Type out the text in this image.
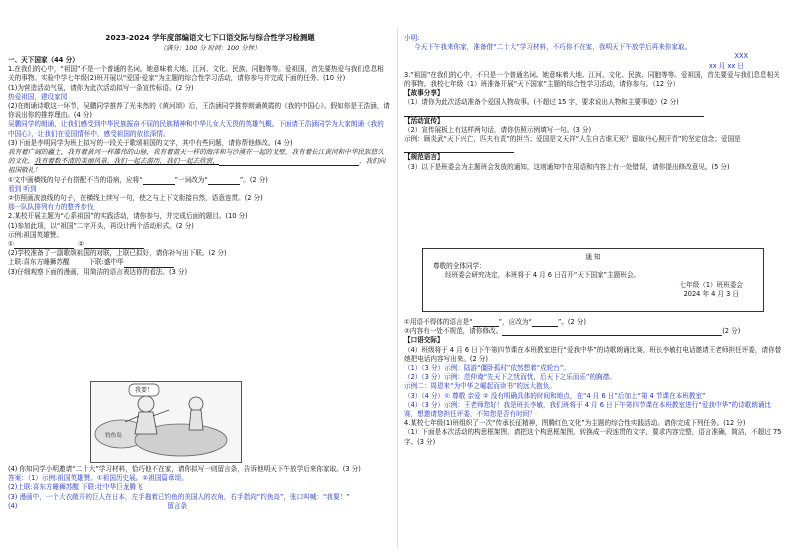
2023-2024 学年度部编语文七下口语交际与综合性学习检测题
（满分：100 分 时间：100 分钟）

一、天下国家（44 分）

1.在我们的心中，“祖国”不是一个普通的名词。她意味着大地、江河、文化、民族、同胞等等。爱祖国，首先要热爱与我们息息相关的事物。实验中学七年级(2)班开展以“爱国·爱家”为主题的综合性学习活动，请你参与并完成下面的任务。(10 分)

(1)为营造活动气氛，请你为此次活动拟写一条宣传标语。(2 分)

热爱祖国，建设家园

(2)在朗诵诗歌这一环节，吴鹏同学推荐了光未然的《黄河颂》后，王浩涵同学推荐朗诵黄霞的《我的中国心》。假如你是王浩涵，请你说出你的推荐理由。(4 分)

吴鹏同学的朗诵，让我们感受到中华民族振奋不屈的民族精神和中华儿女大无畏的英雄气概。下面请王浩涵同学为大家朗诵《我的中国心》，让我们在爱国情怀中，感受祖国的依依深情。

(3)下面是李明同学为班上拟写的一段关于歌颂祖国的文字，其中有些问题，请你帮他修改。(4 分)

我有着广阔的疆土，我有着黄河一样雄伟的山脉，我有着蓝天一样的海洋和与沙漠在一起的戈壁，我有着长江黄河和中华民族悠久的文化，我有着数不清的美丽风景，我们一起去游历，我们一起去欣赏，	，我们向祖国敬礼！

①文中画横线的句子有搭配不当的语病，应将“	”一词改为“	”。(2 分)

看到 听到

②仿照画波浪线的句子，在横线上续写一句，使之与上下文衔接自然，语意连贯。(2 分)

那一队队排列有力的整齐步伐

2.某校开展主题为“心系祖国”的实践活动，请你参与，并完成后面的题目。(10 分)

(1)参加此项，以“祖国”二字开头，再设计两个活动形式。(2 分)

示例:祖国英雄赞。

①	②

(2)学校准备了一副歌颂祖国的对联，上联已拟好，请你补写出下联。(2 分)

上联:喜东方睡狮苏醒	下联:盛中华

(3)仔细观察下面的漫画，用简洁的语言表达你的看法。(3 分)

我要！
钓鱼岛

(4) 你知同学小明邀请“二十大”学习材料，恰巧他不在家，请你拟写一则留言条，告诉他明天下午放学后来你家取。(3 分)

答案：（1）示例:祖国英雄赞。①祖国历史展。②祖国篇章颂。

(2)上联:喜东方睡狮苏醒 下联:壮中华巨龙腾飞

(3) 漫画中，一个大衣敞开的巨人在日本，左手拖着已钓鱼的美国人的衣角，右手指向“钓鱼岛”，张口叫喊：“我要！”

(4)	留言条

小明:

今天下午我来你家，准备借“二十大”学习材料，不巧你不在家，我明天下午放学后再来你家取。

XXX

xx 月 xx 日

3.“祖国”在我们的心中，不只是一个普通名词。她意味着大地、江河、文化、民族、同胞等等。爱祖国，首先要爱与我们息息相关的事物。我校七年级（1）班准备开展“天下国家”主题的综合性学习活动，请你参与。（12 分）

【故事分享】

（1）请你为此次活动准备个爱国人物故事。(不超过 15 字，要求说出人物和主要事迹）(2 分)

【活动宣传】

（2）宣传展板上有这样两句话，请你仿照示例填写一句。(3 分)

示例：顾炎武“天下兴亡，匹夫有责”的担当；爱国是文天祥“人生自古谁无死？留取丹心照汗青”的坚定信念；爱国是

【规范语言】

（3）以下是班委会为主题班会发放的通知，这则通知中在用语和内容上有一处错误，请你提出修改意见。(5 分)

通 知

尊敬的全体同学：

经班委会研究决定，本班将于 4 月 6 日召开“天下国家”主题班会。

七年级（1）班班委会

2024 年 4 月 3 日

①用语不得体的语言是“	”，应改为“	”。(2 分)

②内容有一处不规范，请你修改。	(2 分)

【口语交际】

（4）班级将于 4 月 6 日下午第四节课在本班教室进行“爱我中华”的诗歌朗诵比赛，班长李敏打电话邀请王老师担任评委，请你替她把电话内容写出来。(2 分)

（1）（3 分）示例：陆游“僵卧孤村”依然想着“戍轮台”。

（2）（3 分）示例：范仲淹“先天下之忧而忧，后天下之乐而乐”的胸襟。

示例二：周恩来“为中华之崛起而读书”的远大抱负。

（3）（4 分）① 尊敬 亲爱 ② 没有明确具体的时间和地点，在“4 月 6 日”后加上“第 4 节课在本班教室”

（4）（3 分）示例：王老师您好！我是班长李敏，我们班将于 4 月 6 日下午第四节课在本班教室进行“爱我中华”的诗歌朗诵比赛，想邀请您担任评委，不知您是否有时间？

4.某校七年级(1)班组织了一次“传承长征精神，图腾红色文化”为主题的综合性实践活动。请你完成下列任务。(12 分)

（1）下面是本次活动的构思框架图，请把这个构思框架图，转换成一段连贯的文字，要求内容完整，语言准确，简洁，不超过 75 字。(3 分)
